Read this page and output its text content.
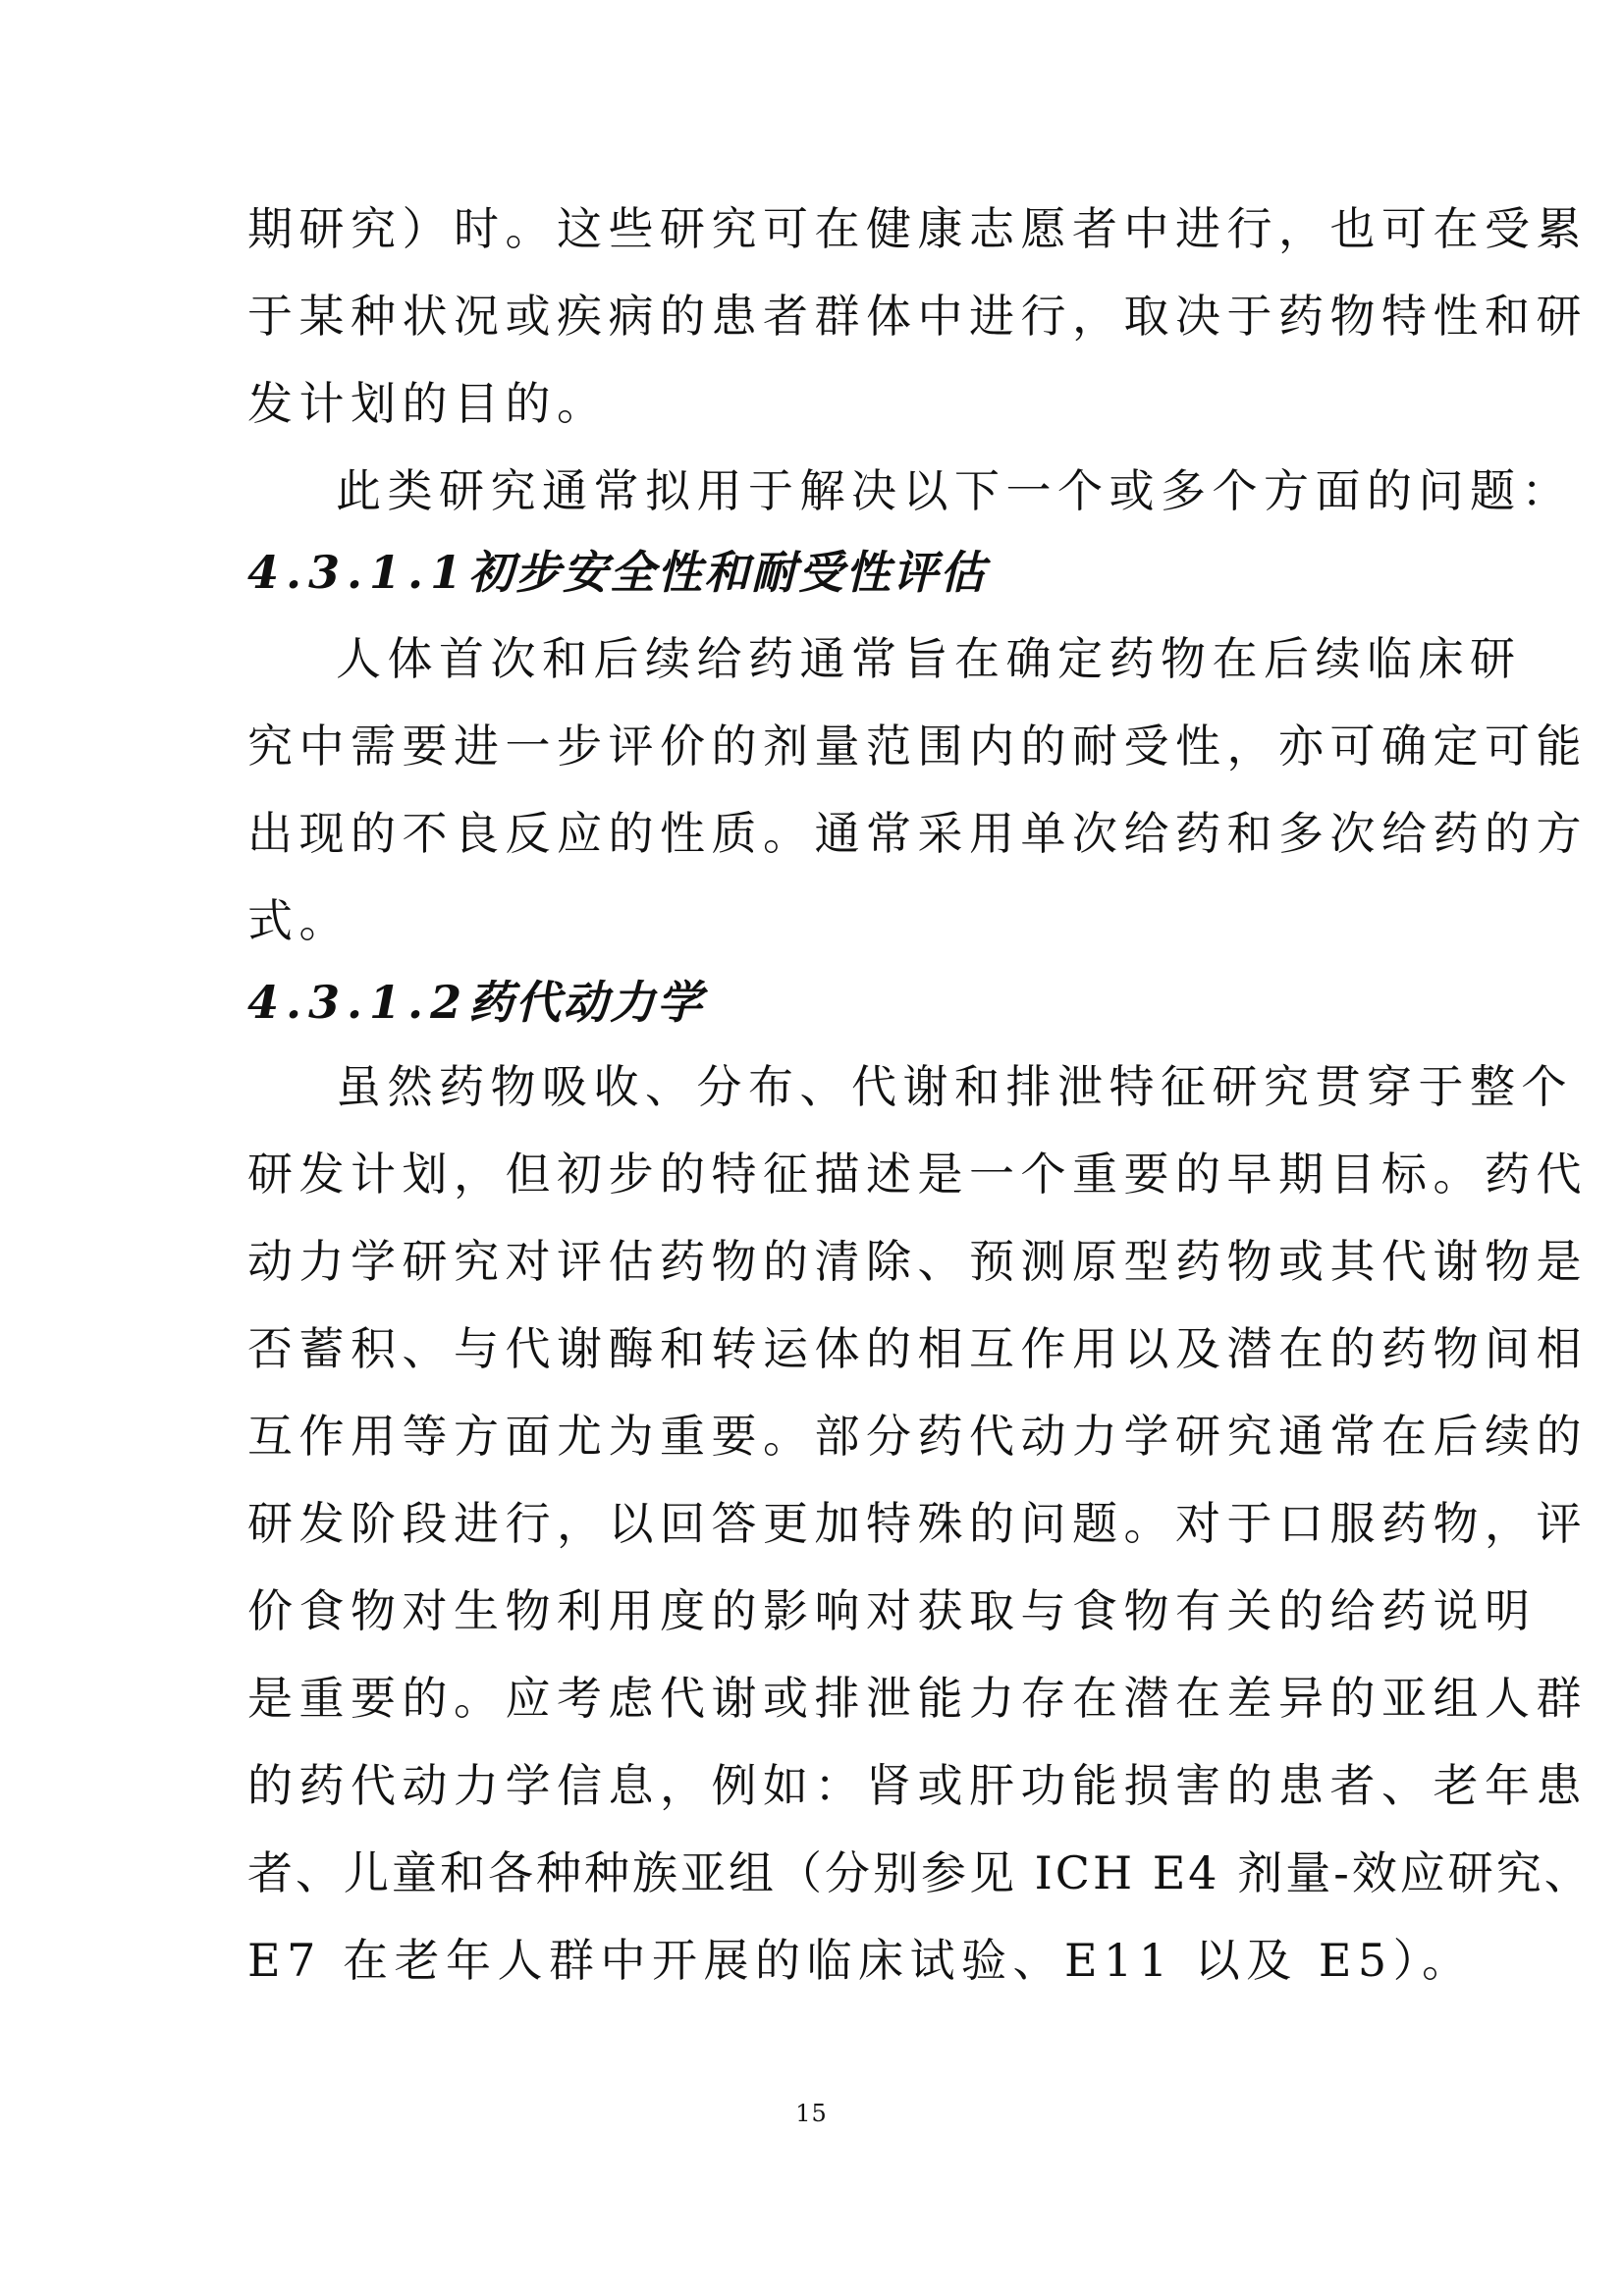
期研究）时。这些研究可在健康志愿者中进行，也可在受累
于某种状况或疾病的患者群体中进行，取决于药物特性和研
发计划的目的。
此类研究通常拟用于解决以下一个或多个方面的问题：
4.3.1.1初步安全性和耐受性评估
人体首次和后续给药通常旨在确定药物在后续临床研
究中需要进一步评价的剂量范围内的耐受性，亦可确定可能
出现的不良反应的性质。通常采用单次给药和多次给药的方
式。
4.3.1.2药代动力学
虽然药物吸收、分布、代谢和排泄特征研究贯穿于整个
研发计划，但初步的特征描述是一个重要的早期目标。药代
动力学研究对评估药物的清除、预测原型药物或其代谢物是
否蓄积、与代谢酶和转运体的相互作用以及潜在的药物间相
互作用等方面尤为重要。部分药代动力学研究通常在后续的
研发阶段进行，以回答更加特殊的问题。对于口服药物，评
价食物对生物利用度的影响对获取与食物有关的给药说明
是重要的。应考虑代谢或排泄能力存在潜在差异的亚组人群
的药代动力学信息，例如：肾或肝功能损害的患者、老年患
者、儿童和各种种族亚组（分别参见 ICH E4 剂量-效应研究、
E7 在老年人群中开展的临床试验、E11 以及 E5）。
15
